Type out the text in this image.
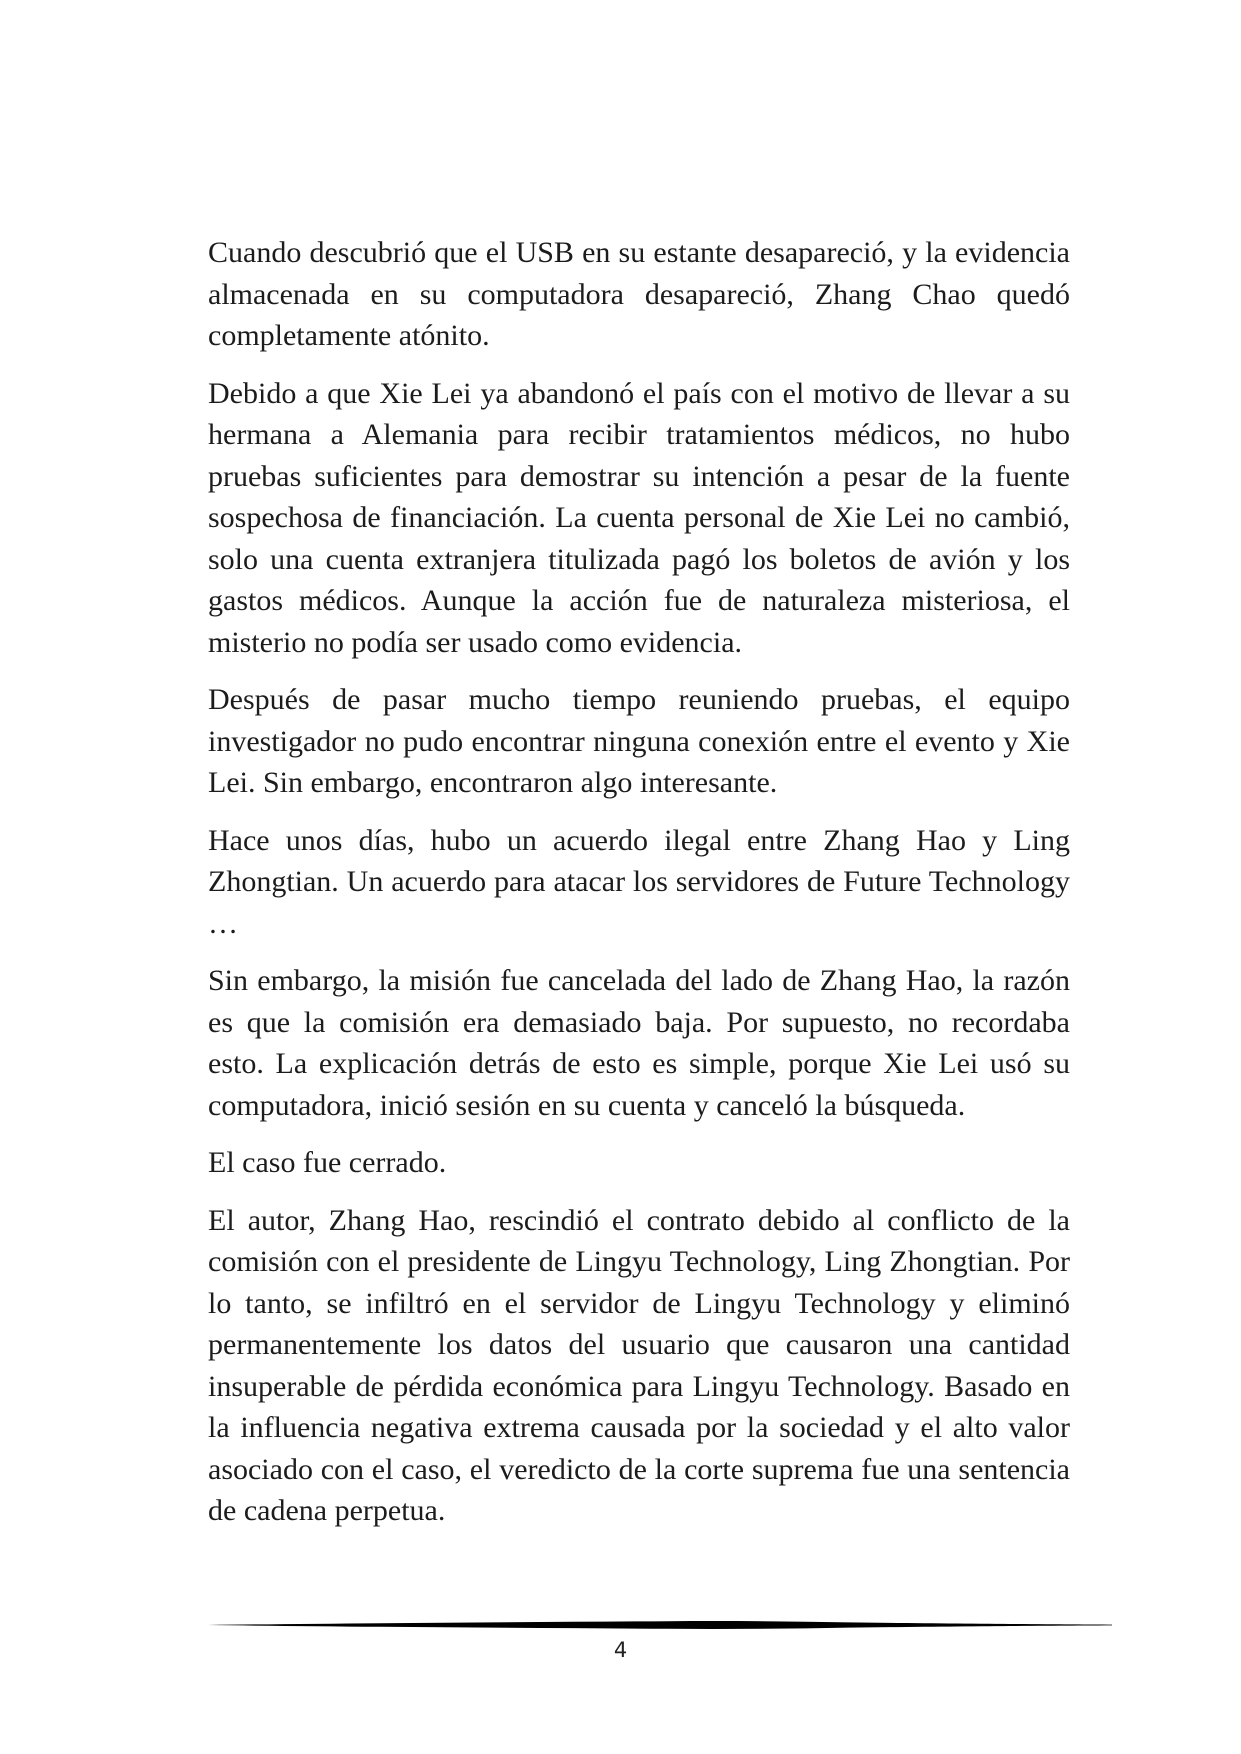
Cuando descubrió que el USB en su estante desapareció, y la evidencia almacenada en su computadora desapareció, Zhang Chao quedó completamente atónito.

Debido a que Xie Lei ya abandonó el país con el motivo de llevar a su hermana a Alemania para recibir tratamientos médicos, no hubo pruebas suficientes para demostrar su intención a pesar de la fuente sospechosa de financiación. La cuenta personal de Xie Lei no cambió, solo una cuenta extranjera titulizada pagó los boletos de avión y los gastos médicos. Aunque la acción fue de naturaleza misteriosa, el misterio no podía ser usado como evidencia.

Después de pasar mucho tiempo reuniendo pruebas, el equipo investigador no pudo encontrar ninguna conexión entre el evento y Xie Lei. Sin embargo, encontraron algo interesante.

Hace unos días, hubo un acuerdo ilegal entre Zhang Hao y Ling Zhongtian. Un acuerdo para atacar los servidores de Future Technology …

Sin embargo, la misión fue cancelada del lado de Zhang Hao, la razón es que la comisión era demasiado baja. Por supuesto, no recordaba esto. La explicación detrás de esto es simple, porque Xie Lei usó su computadora, inició sesión en su cuenta y canceló la búsqueda.

El caso fue cerrado.

El autor, Zhang Hao, rescindió el contrato debido al conflicto de la comisión con el presidente de Lingyu Technology, Ling Zhongtian. Por lo tanto, se infiltró en el servidor de Lingyu Technology y eliminó permanentemente los datos del usuario que causaron una cantidad insuperable de pérdida económica para Lingyu Technology. Basado en la influencia negativa extrema causada por la sociedad y el alto valor asociado con el caso, el veredicto de la corte suprema fue una sentencia de cadena perpetua.

4
